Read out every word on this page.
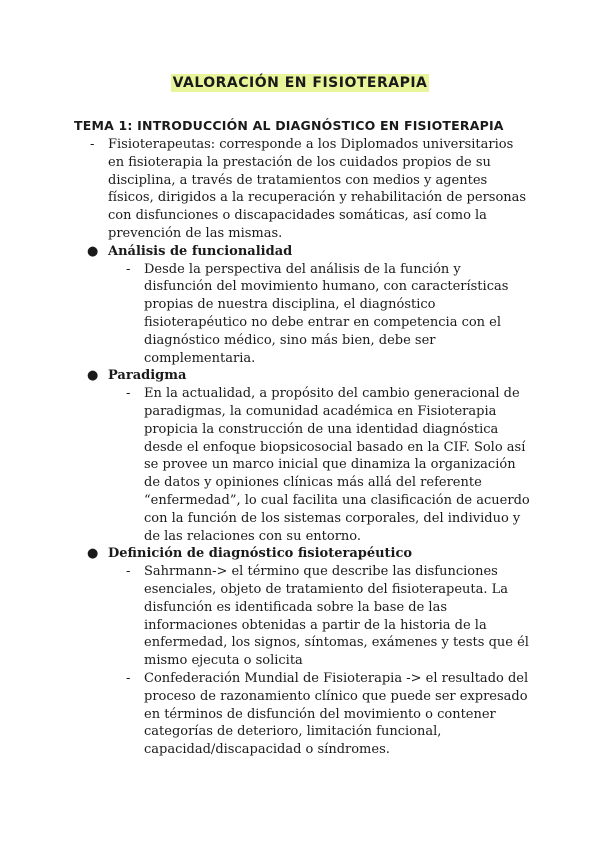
VALORACIÓN EN FISIOTERAPIA
TEMA 1: INTRODUCCIÓN AL DIAGNÓSTICO EN FISIOTERAPIA
- Fisioterapeutas: corresponde a los Diplomados universitarios en fisioterapia la prestación de los cuidados propios de su disciplina, a través de tratamientos con medios y agentes físicos, dirigidos a la recuperación y rehabilitación de personas con disfunciones o discapacidades somáticas, así como la prevención de las mismas.

● Análisis de funcionalidad
- Desde la perspectiva del análisis de la función y disfunción del movimiento humano, con características propias de nuestra disciplina, el diagnóstico fisioterapéutico no debe entrar en competencia con el diagnóstico médico, sino más bien, debe ser complementaria.

● Paradigma
- En la actualidad, a propósito del cambio generacional de paradigmas, la comunidad académica en Fisioterapia propicia la construcción de una identidad diagnóstica desde el enfoque biopsicosocial basado en la CIF. Solo así se provee un marco inicial que dinamiza la organización de datos y opiniones clínicas más allá del referente “enfermedad”, lo cual facilita una clasificación de acuerdo con la función de los sistemas corporales, del individuo y de las relaciones con su entorno.

● Definición de diagnóstico fisioterapéutico
- Sahrmann-> el término que describe las disfunciones esenciales, objeto de tratamiento del fisioterapeuta. La disfunción es identificada sobre la base de las informaciones obtenidas a partir de la historia de la enfermedad, los signos, síntomas, exámenes y tests que él mismo ejecuta o solicita

- Confederación Mundial de Fisioterapia -> el resultado del proceso de razonamiento clínico que puede ser expresado en términos de disfunción del movimiento o contener categorías de deterioro, limitación funcional, capacidad/discapacidad o síndromes.
